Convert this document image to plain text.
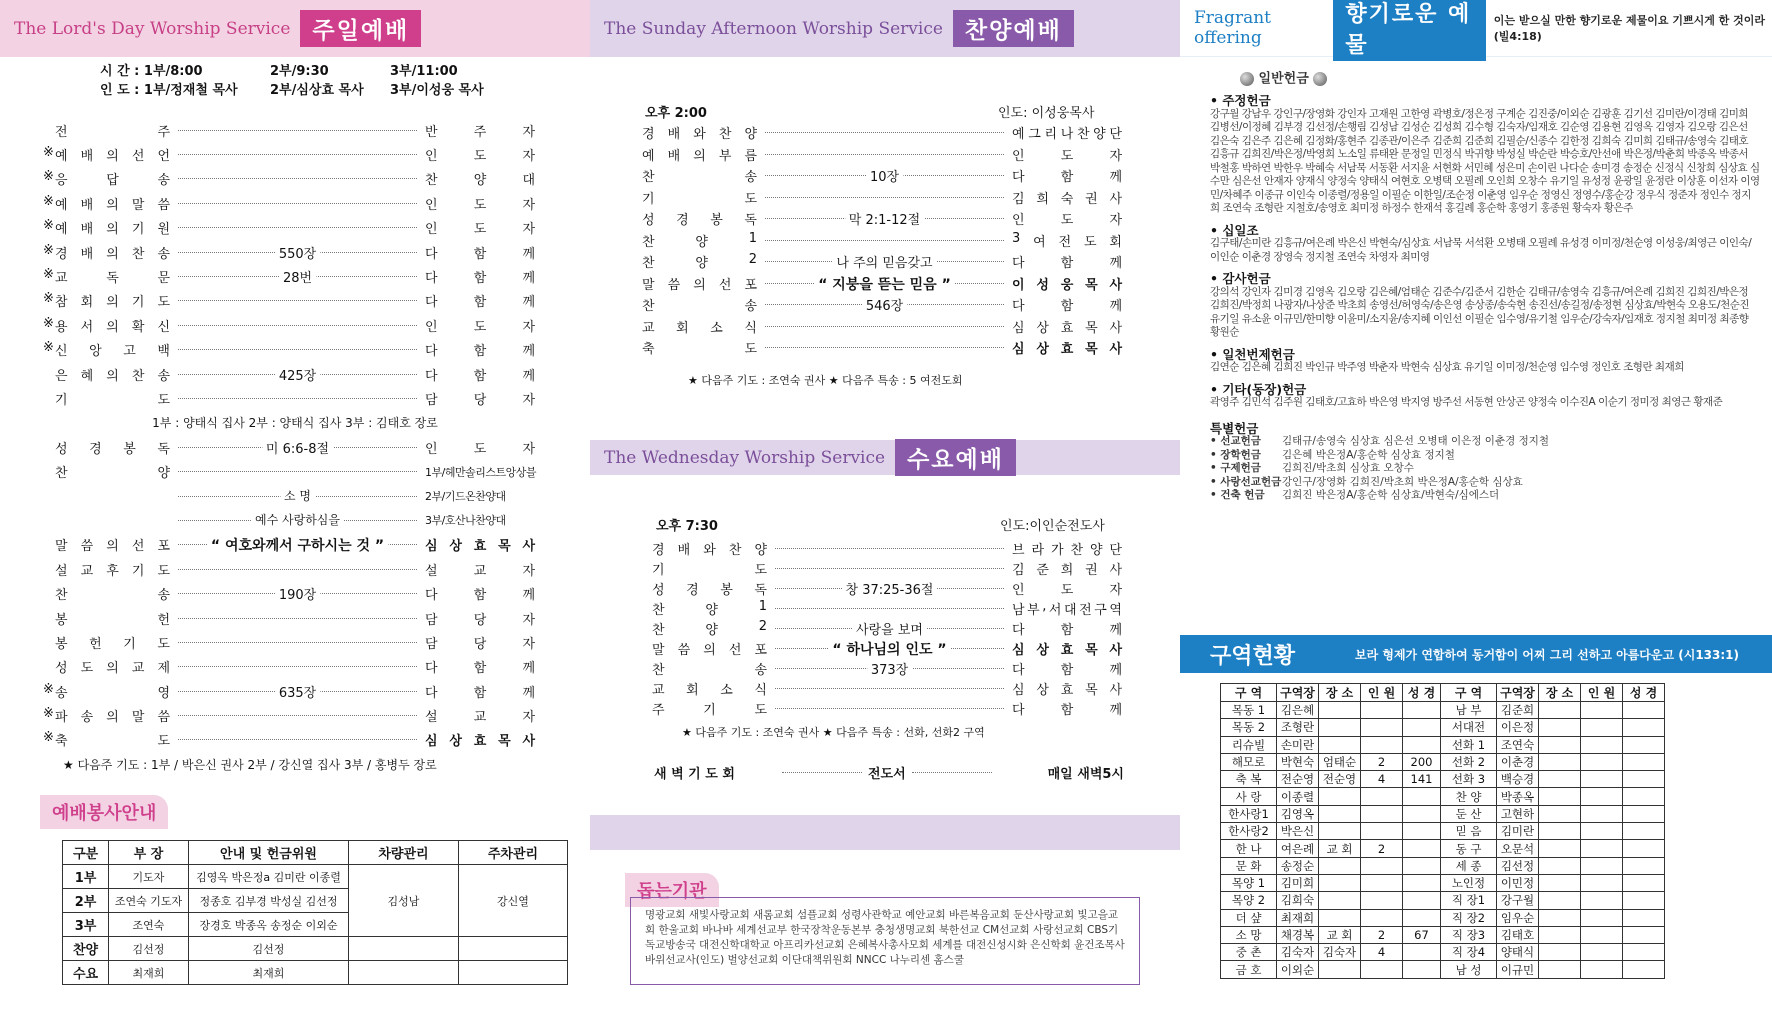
The Lord's Day Worship Service 주일예배
시 간 : 1부/8:00	2부/9:30	3부/11:00
인 도 : 1부/정재철 목사	2부/심상효 목사	3부/이성웅 목사
전	주	반	주	자
※ 예 배 의 선 언	인	도	자
※ 응	답	송	찬	양	대
※ 예 배 의 말 씀	인	도	자
※ 예 배 의 기 원	인	도	자
※ 경 배 의 찬 송	550장	다	함	께
※ 교	독	문	28번	다	함	께
※ 참 회 의 기 도	다	함	께
※ 용 서 의 확 신	인	도	자
※ 신 앙 고 백	다	함	께
은 혜 의 찬 송	425장	다	함	께
기	도	담	당	자
1부 : 양태식 집사 2부 : 양태식 집사 3부 : 김태호 장로
성 경 봉 독	미 6:6-8절	인	도	자
찬	양	1부/헤만솔리스트앙상블
소 명	2부/기드온찬양대
예수 사랑하심을	3부/호산나찬양대
말 씀 의 선 포	“ 여호와께서 구하시는 것 ”	심 상 효 목 사
설 교 후 기 도	설	교	자
찬	송	190장	다	함	께
봉	헌	담	당	자
봉 헌 기 도	담	당	자
성 도 의 교 제	다	함	께
※ 송	영	635장	다	함	께
※ 파 송 의 말 씀	설	교	자
※ 축	도	심 상 효 목 사
★ 다음주 기도 : 1부 / 박은신 권사 2부 / 강신열 집사 3부 / 홍병두 장로
예배봉사안내
구분	부 장	안내 및 헌금위원	차량관리	주차관리
1부	기도자	김영옥 박은정a 김미란 이종렬	김성남	강신열
2부	조연숙 기도자	정종호 김부경 박성실 김선정		
3부	조연숙	장경호 박종옥 송정순 이외순		
찬양	김선정	김선정		
수요	최재희	최재희		
The Sunday Afternoon Worship Service 찬양예배
오후 2:00	인도: 이성웅목사
경 배 와 찬 양	예 그 리 나 찬 양 단
예 배 의 부 름	인	도	자
찬	송	10장	다	함	께
기	도	김 희 숙 권 사
성 경 봉 독	막 2:1-12절	인	도	자
찬	양	1	3 여 전 도 회
찬	양	2	나 주의 믿음갖고	다	함	께
말 씀 의 선 포	“ 지붕을 뜯는 믿음 ”	이 성 웅 목 사
찬	송	546장	다	함	께
교 회 소 식	심 상 효 목 사
축	도	심 상 효 목 사
★ 다음주 기도 : 조연숙 권사 ★ 다음주 특송 : 5 여전도회
The Wednesday Worship Service 수요예배
오후 7:30	인도:이인순전도사
경 배 와 찬 양	브 라 가 찬 양 단
기	도	김 준 희 권 사
성 경 봉 독	창 37:25-36절	인	도	자
찬	양	1	남 부 , 서 대 전 구 역
찬	양	2	사랑을 보며	다	함	께
말 씀 의 선 포	“ 하나님의 인도 ”	심 상 효 목 사
찬	송	373장	다	함	께
교 회 소 식	심 상 효 목 사
주	기	도	다	함	께
★ 다음주 기도 : 조연숙 권사 ★ 다음주 특송 : 선화, 선화2 구역
새 벽 기 도 회	전도서	매일 새벽5시
돕는기관
명광교회 새빛사랑교회 새롬교회 섬플교회 성령사관학교 예안교회 바른복음교회 둔산사랑교회 빛고을교회 한울교회 바나바 세계선교부 한국장착운동본부 충청생명교회 북한선교 CM선교회 사랑선교회 CBS기독교방송국 대전신학대학교 아프리카선교회 은혜복사총사모회 세계를 대전신성시화 은신학회 윤건조목사 바위선교사(인도) 벌양선교회 이단대책위원회 NNCC 나누리센 홈스쿨
Fragrant offering
향기로운 예물
이는 받으실 만한 향기로운 제물이요 기쁘시게 한 것이라 (빌4:18)
일반헌금
• 주정헌금
강구월 강남우 강인구/장영화 강인자 고재원 고한영 곽병호/정은정 구계순 김진중/이외순 김광훈 김기선 김미란/이경태 김미희 김병선/이정혜 김부경 김선정/손행림 김성남 김성순 김성희 김수형 김숙자/임재호 김순영 김용현 김영옥 김영자 김오랑 김은선 김은숙 김은주 김은혜 김정화/홍현주 김종관/이은주 김준희 김준희 김필순/신종수 김한정 김희숙 김미희 김태규/송영숙 김태호 김흥규 김희진/박은정/박영희 노소일 류태완 문정일 민정식 박귀향 박성실 박순란 박승호/안선애 박은정/박춘희 박종옥 박종서 박철홍 박하연 박한우 박혜숙 서남묵 서동환 서지윤 서현화 서민혜 성은미 손이린 나다순 송미경 송정순 신정식 신창희 심상효 심수만 심은선 안재자 양재식 양정숙 양태식 여현호 오병택 오필례 오인희 오창수 유기일 유성정 윤광일 윤정란 이상훈 이선자 이영민/차혜주 이종규 이인숙 이종렬/정용일 이필순 이한일/조순정 이춘영 임우순 정영신 정영수/홍순강 정우식 정준자 정인수 정지희 조연숙 조형란 지철호/송영호 최미정 하정수 한재석 홍길례 홍순학 홍영기 홍종원 황숙자 황은주
• 십일조
김구태/손미란 김흥규/여은례 박은신 박현숙/심상효 서남묵 서석환 오병태 오필례 유성경 이미정/천순영 이성웅/최영근 이인숙/이인순 이춘경 장영숙 정지철 조연숙 차영자 최미영
• 감사헌금
강의석 강인자 김미경 김영옥 김오랑 김은혜/엄태순 김준수/김준서 김한순 김태규/송영숙 김흥규/여은례 김희진 김희진/박은정 김희진/박정희 나광자/나상준 박초희 송영선/허영숙/송은영 송상종/송숙현 송진선/송길정/송정현 심상효/박현숙 오용도/천순진 유기일 유소윤 이규민/한미향 이윤미/소지윤/송지혜 이인선 이필순 임수영/유기철 임우순/강숙자/임재호 정지철 최미정 최종향 황원순
• 일천번제헌금
김연순 김은혜 김희진 박인규 박주영 박춘자 박현숙 심상효 유기일 이미정/천순영 임수영 정인호 조형란 최재희
• 기타(동장)헌금
곽영주 김민석 김주원 김태호/고효하 박은영 박지영 방주선 서동현 안상곤 양정숙 이수진A 이순기 정미정 최영근 황재준
특별헌금
• 선교헌금	김태규/송영숙 심상효 심은선 오병태 이은정 이춘경 정지철
• 장학헌금	김은혜 박은정A/홍순학 심상효 정지철
• 구제헌금	김희진/박초희 심상효 오창수
• 사랑선교헌금 강인구/장영화 김희진/박초희 박은정A/홍순학 심상효
• 건축 헌금	김희진 박은정A/홍순학 심상효/박현숙/심에스더
구역현황	보라 형제가 연합하여 동거함이 어찌 그리 선하고 아름다운고 (시133:1)
구 역	구역장	장 소	인 원	성 경	구 역	구역장	장 소	인 원	성 경
목동 1	김은혜				남 부	김준희			
목동 2	조형란				서대전	이은정			
리슈빌	손미란				선화 1	조연숙			
해모로	박현숙	엄태순	2	200	선화 2	이춘경			
축 복	전순영	전순영	4	141	선화 3	백승경			
사 랑	이종렬				찬 양	박종옥			
한사랑1	김영옥				둔 산	고현하			
한사랑2	박은신				믿 음	김미란			
한 나	여은례	교 회	2		동 구	오문석			
문 화	송정순				세 종	김선정			
목양 1	김미희				노인정	이민정			
목양 2	김희숙				직 장1	강구월			
더 샾	최재희				직 장2	임우순			
소 망	채경복	교 회	2	67	직 장3	김태호			
중 촌	김숙자	김숙자	4		직 장4	양태식			
금 호	이외순				남 성	이규민			
